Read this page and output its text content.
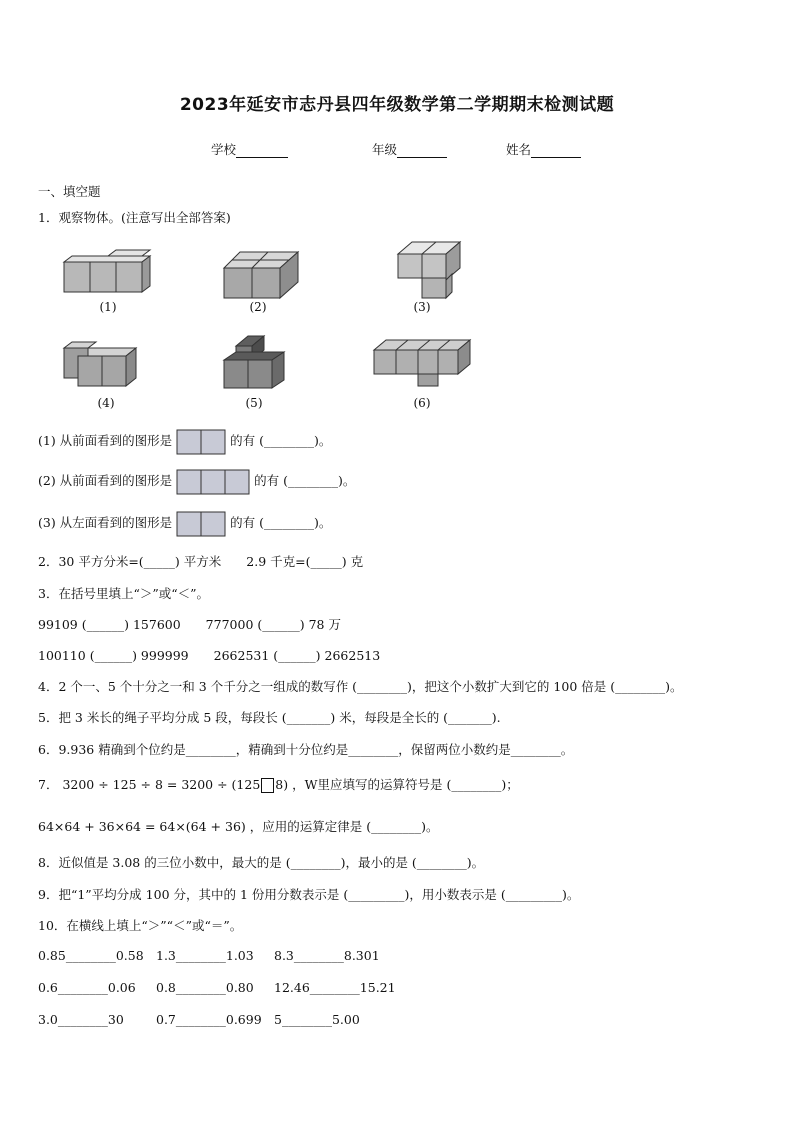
2023年延安市志丹县四年级数学第二学期期末检测试题
学校	年级	姓名
一、填空题
1．观察物体。(注意写出全部答案)
(1)	(2)	(3)
(4)	(5)	(6)
(1) 从前面看到的图形是	的有 (________)。
(2) 从前面看到的图形是	的有 (________)。
(3) 从左面看到的图形是	的有 (________)。
2．30 平方分米=(_____) 平方米　　2.9 千克=(_____) 克
3．在括号里填上“＞”或“＜”。
99109 (______) 157600　　777000 (______) 78 万
100110 (______) 999999　　2662531 (______) 2662513
4．2 个一、5 个十分之一和 3 个千分之一组成的数写作 (________)，把这个小数扩大到它的 100 倍是 (________)。
5．把 3 米长的绳子平均分成 5 段，每段长 (_______) 米，每段是全长的 (_______).
6．9.936 精确到个位约是________，精确到十分位约是________，保留两位小数约是________。
7． 3200 ÷ 125 ÷ 8 = 3200 ÷ (125 8) ，W里应填写的运算符号是 (________)；
64×64 + 36×64 = 64×(64 + 36) ，应用的运算定律是 (________)。
8．近似值是 3.08 的三位小数中，最大的是 (________)，最小的是 (________)。
9．把“1”平均分成 100 分，其中的 1 份用分数表示是 (_________)，用小数表示是 (_________)。
10．在横线上填上“＞”“＜”或“＝”。
0.85________0.58 1.3________1.03 8.3________8.301
0.6________0.06 0.8________0.80 12.46________15.21
3.0________30	0.7________0.699 5________5.00
